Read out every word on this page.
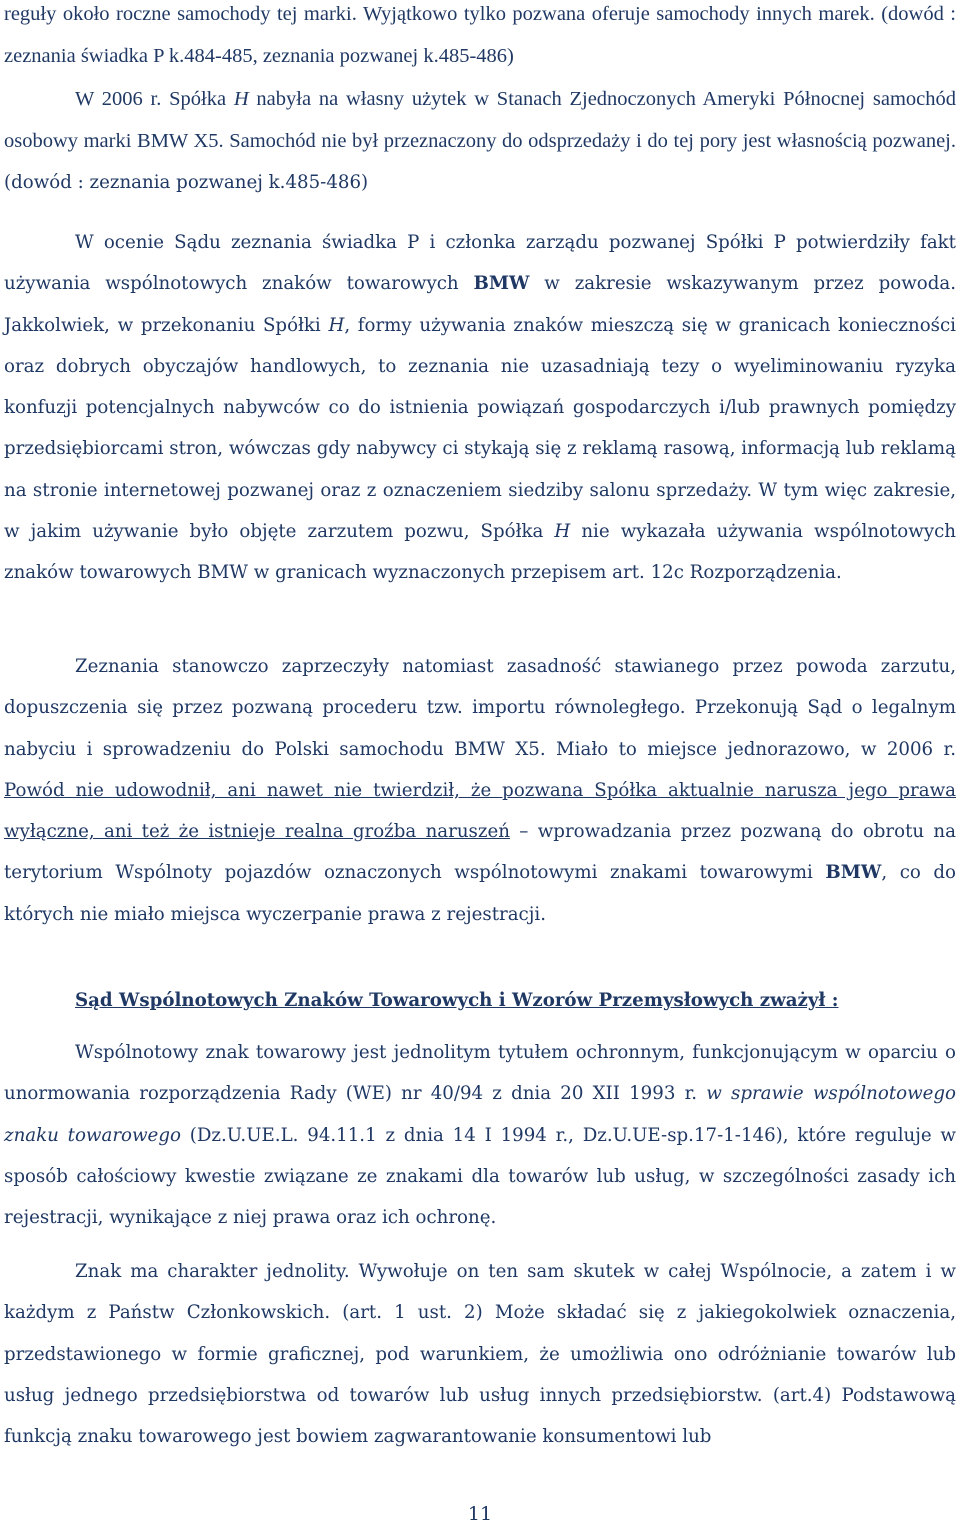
reguły około roczne samochody tej marki. Wyjątkowo tylko pozwana oferuje samochody innych marek. (dowód : zeznania świadka P k.484-485, zeznania pozwanej k.485-486)

W 2006 r. Spółka H nabyła na własny użytek w Stanach Zjednoczonych Ameryki Północnej samochód osobowy marki BMW X5. Samochód nie był przeznaczony do odsprzedaży i do tej pory jest własnością pozwanej. (dowód : zeznania pozwanej k.485-486)

W ocenie Sądu zeznania świadka P i członka zarządu pozwanej Spółki P potwierdziły fakt używania wspólnotowych znaków towarowych BMW w zakresie wskazywanym przez powoda. Jakkolwiek, w przekonaniu Spółki H, formy używania znaków mieszczą się w granicach konieczności oraz dobrych obyczajów handlowych, to zeznania nie uzasadniają tezy o wyeliminowaniu ryzyka konfuzji potencjalnych nabywców co do istnienia powiązań gospodarczych i/lub prawnych pomiędzy przedsiębiorcami stron, wówczas gdy nabywcy ci stykają się z reklamą rasową, informacją lub reklamą na stronie internetowej pozwanej oraz z oznaczeniem siedziby salonu sprzedaży. W tym więc zakresie, w jakim używanie było objęte zarzutem pozwu, Spółka H nie wykazała używania wspólnotowych znaków towarowych BMW w granicach wyznaczonych przepisem art. 12c Rozporządzenia.

Zeznania stanowczo zaprzeczyły natomiast zasadność stawianego przez powoda zarzutu, dopuszczenia się przez pozwaną procederu tzw. importu równoległego. Przekonują Sąd o legalnym nabyciu i sprowadzeniu do Polski samochodu BMW X5. Miało to miejsce jednorazowo, w 2006 r. Powód nie udowodnił, ani nawet nie twierdził, że pozwana Spółka aktualnie narusza jego prawa wyłączne, ani też że istnieje realna groźba naruszeń – wprowadzania przez pozwaną do obrotu na terytorium Wspólnoty pojazdów oznaczonych wspólnotowymi znakami towarowymi BMW, co do których nie miało miejsca wyczerpanie prawa z rejestracji.

Sąd Wspólnotowych Znaków Towarowych i Wzorów Przemysłowych zważył :

Wspólnotowy znak towarowy jest jednolitym tytułem ochronnym, funkcjonującym w oparciu o unormowania rozporządzenia Rady (WE) nr 40/94 z dnia 20 XII 1993 r. w sprawie wspólnotowego znaku towarowego (Dz.U.UE.L. 94.11.1 z dnia 14 I 1994 r., Dz.U.UE-sp.17-1-146), które reguluje w sposób całościowy kwestie związane ze znakami dla towarów lub usług, w szczególności zasady ich rejestracji, wynikające z niej prawa oraz ich ochronę.

Znak ma charakter jednolity. Wywołuje on ten sam skutek w całej Wspólnocie, a zatem i w każdym z Państw Członkowskich. (art. 1 ust. 2) Może składać się z jakiegokolwiek oznaczenia, przedstawionego w formie graficznej, pod warunkiem, że umożliwia ono odróżnianie towarów lub usług jednego przedsiębiorstwa od towarów lub usług innych przedsiębiorstw. (art.4) Podstawową funkcją znaku towarowego jest bowiem zagwarantowanie konsumentowi lub

11
